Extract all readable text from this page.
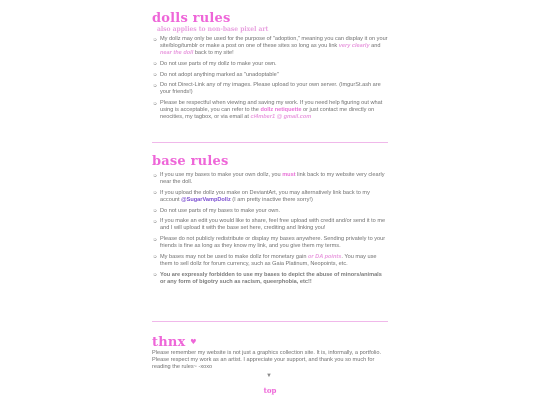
dolls rules
also applies to non-base pixel art
➭ My dollz may only be used for the purpose of "adoption," meaning you can display it on your site/blog/tumblr or make a post on one of these sites so long as you link very clearly and near the doll back to my site!
➭ Do not use parts of my dollz to make your own.
➭ Do not adopt anything marked as "unadoptable"
➭ Do not Direct-Link any of my images. Please upload to your own server. (ImgurSt.ash are your friends!)
➭ Please be respectful when viewing and saving my work. If you need help figuring out what using is acceptable, you can refer to the dollz netiquette or just contact me directly on neocities, my tagbox, or via email at ci4mber1 @ gmail.com
base rules
➭ If you use my bases to make your own dollz, you must link back to my website very clearly near the doll.
➭ If you upload the dollz you make on DeviantArt, you may alternatively link back to my account @SugarVampDollz (I am pretty inactive there sorry!)
➭ Do not use parts of my bases to make your own.
➭ If you make an edit you would like to share, feel free upload with credit and/or send it to me and I will upload it with the base set here, crediting and linking you!
➭ Please do not publicly redistribute or display my bases anywhere. Sending privately to your friends is fine as long as they know my link, and you give them my terms.
➭ My bases may not be used to make dollz for monetary gain or DA points. You may use them to sell dollz for forum currency, such as Gaia Platinum, Neopoints, etc.
➭ You are expressly forbidden to use my bases to depict the abuse of minors/animals or any form of bigotry such as racism, queerphobia, etc!!
thnx ♥

Please remember my website is not just a graphics collection site. It is, informally, a portfolio. Please respect my work as an artist. I appreciate your support, and thank you so much for reading the rules~ -xoxo

▼
top
